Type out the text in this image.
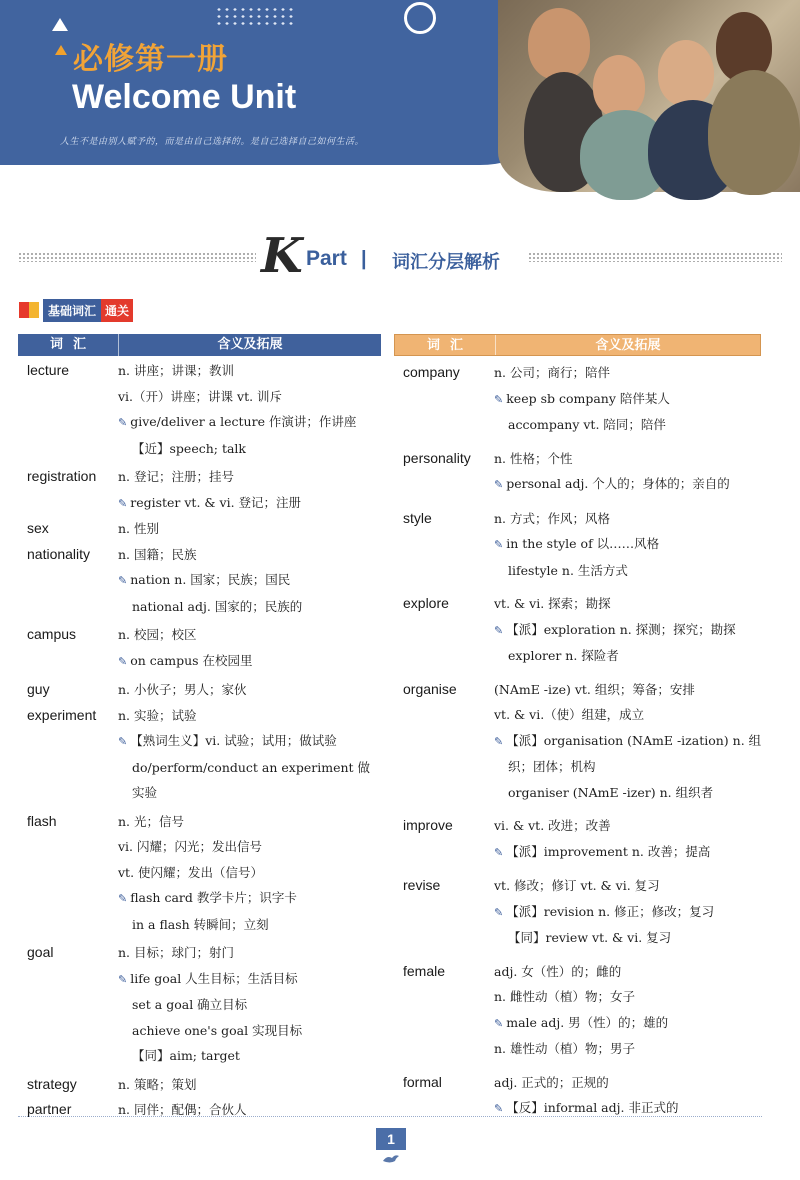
必修第一册
Welcome Unit
人生不是由别人赋予的，而是由自己选择的。是自己选择自己如何生活。
K Part | 词汇分层解析
基础词汇 通关
词汇	含义及拓展
lecture	n. 讲座；讲课；教训
vi.（开）讲座；讲课 vt. 训斥
✎ give/deliver a lecture 作演讲；作讲座
【近】speech; talk
registration	n. 登记；注册；挂号
✎ register vt. & vi. 登记；注册
sex	n. 性别
nationality	n. 国籍；民族
✎ nation n. 国家；民族；国民
national adj. 国家的；民族的
campus	n. 校园；校区
✎ on campus 在校园里
guy	n. 小伙子；男人；家伙
experiment	n. 实验；试验
✎ 【熟词生义】vi. 试验；试用；做试验
do/perform/conduct an experiment 做
实验
flash	n. 光；信号
vi. 闪耀；闪光；发出信号
vt. 使闪耀；发出（信号）
✎ flash card 教学卡片；识字卡
in a flash 转瞬间；立刻
goal	n. 目标；球门；射门
✎ life goal 人生目标；生活目标
set a goal 确立目标
achieve one's goal 实现目标
【同】aim; target
strategy	n. 策略；策划
partner	n. 同伴；配偶；合伙人
词汇	含义及拓展
company	n. 公司；商行；陪伴
✎ keep sb company 陪伴某人
accompany vt. 陪同；陪伴
personality	n. 性格；个性
✎ personal adj. 个人的；身体的；亲自的
style	n. 方式；作风；风格
✎ in the style of 以……风格
lifestyle n. 生活方式
explore	vt. & vi. 探索；勘探
✎ 【派】exploration n. 探测；探究；勘探
explorer n. 探险者
organise	(NAmE -ize) vt. 组织；筹备；安排
vt. & vi.（使）组建，成立
✎ 【派】organisation (NAmE -ization) n. 组
织；团体；机构
organiser (NAmE -izer) n. 组织者
improve	vi. & vt. 改进；改善
✎ 【派】improvement n. 改善；提高
revise	vt. 修改；修订 vt. & vi. 复习
✎ 【派】revision n. 修正；修改；复习
【同】review vt. & vi. 复习
female	adj. 女（性）的；雌的
n. 雌性动（植）物；女子
✎ male adj. 男（性）的；雄的
n. 雄性动（植）物；男子
formal	adj. 正式的；正规的
✎ 【反】informal adj. 非正式的
1
